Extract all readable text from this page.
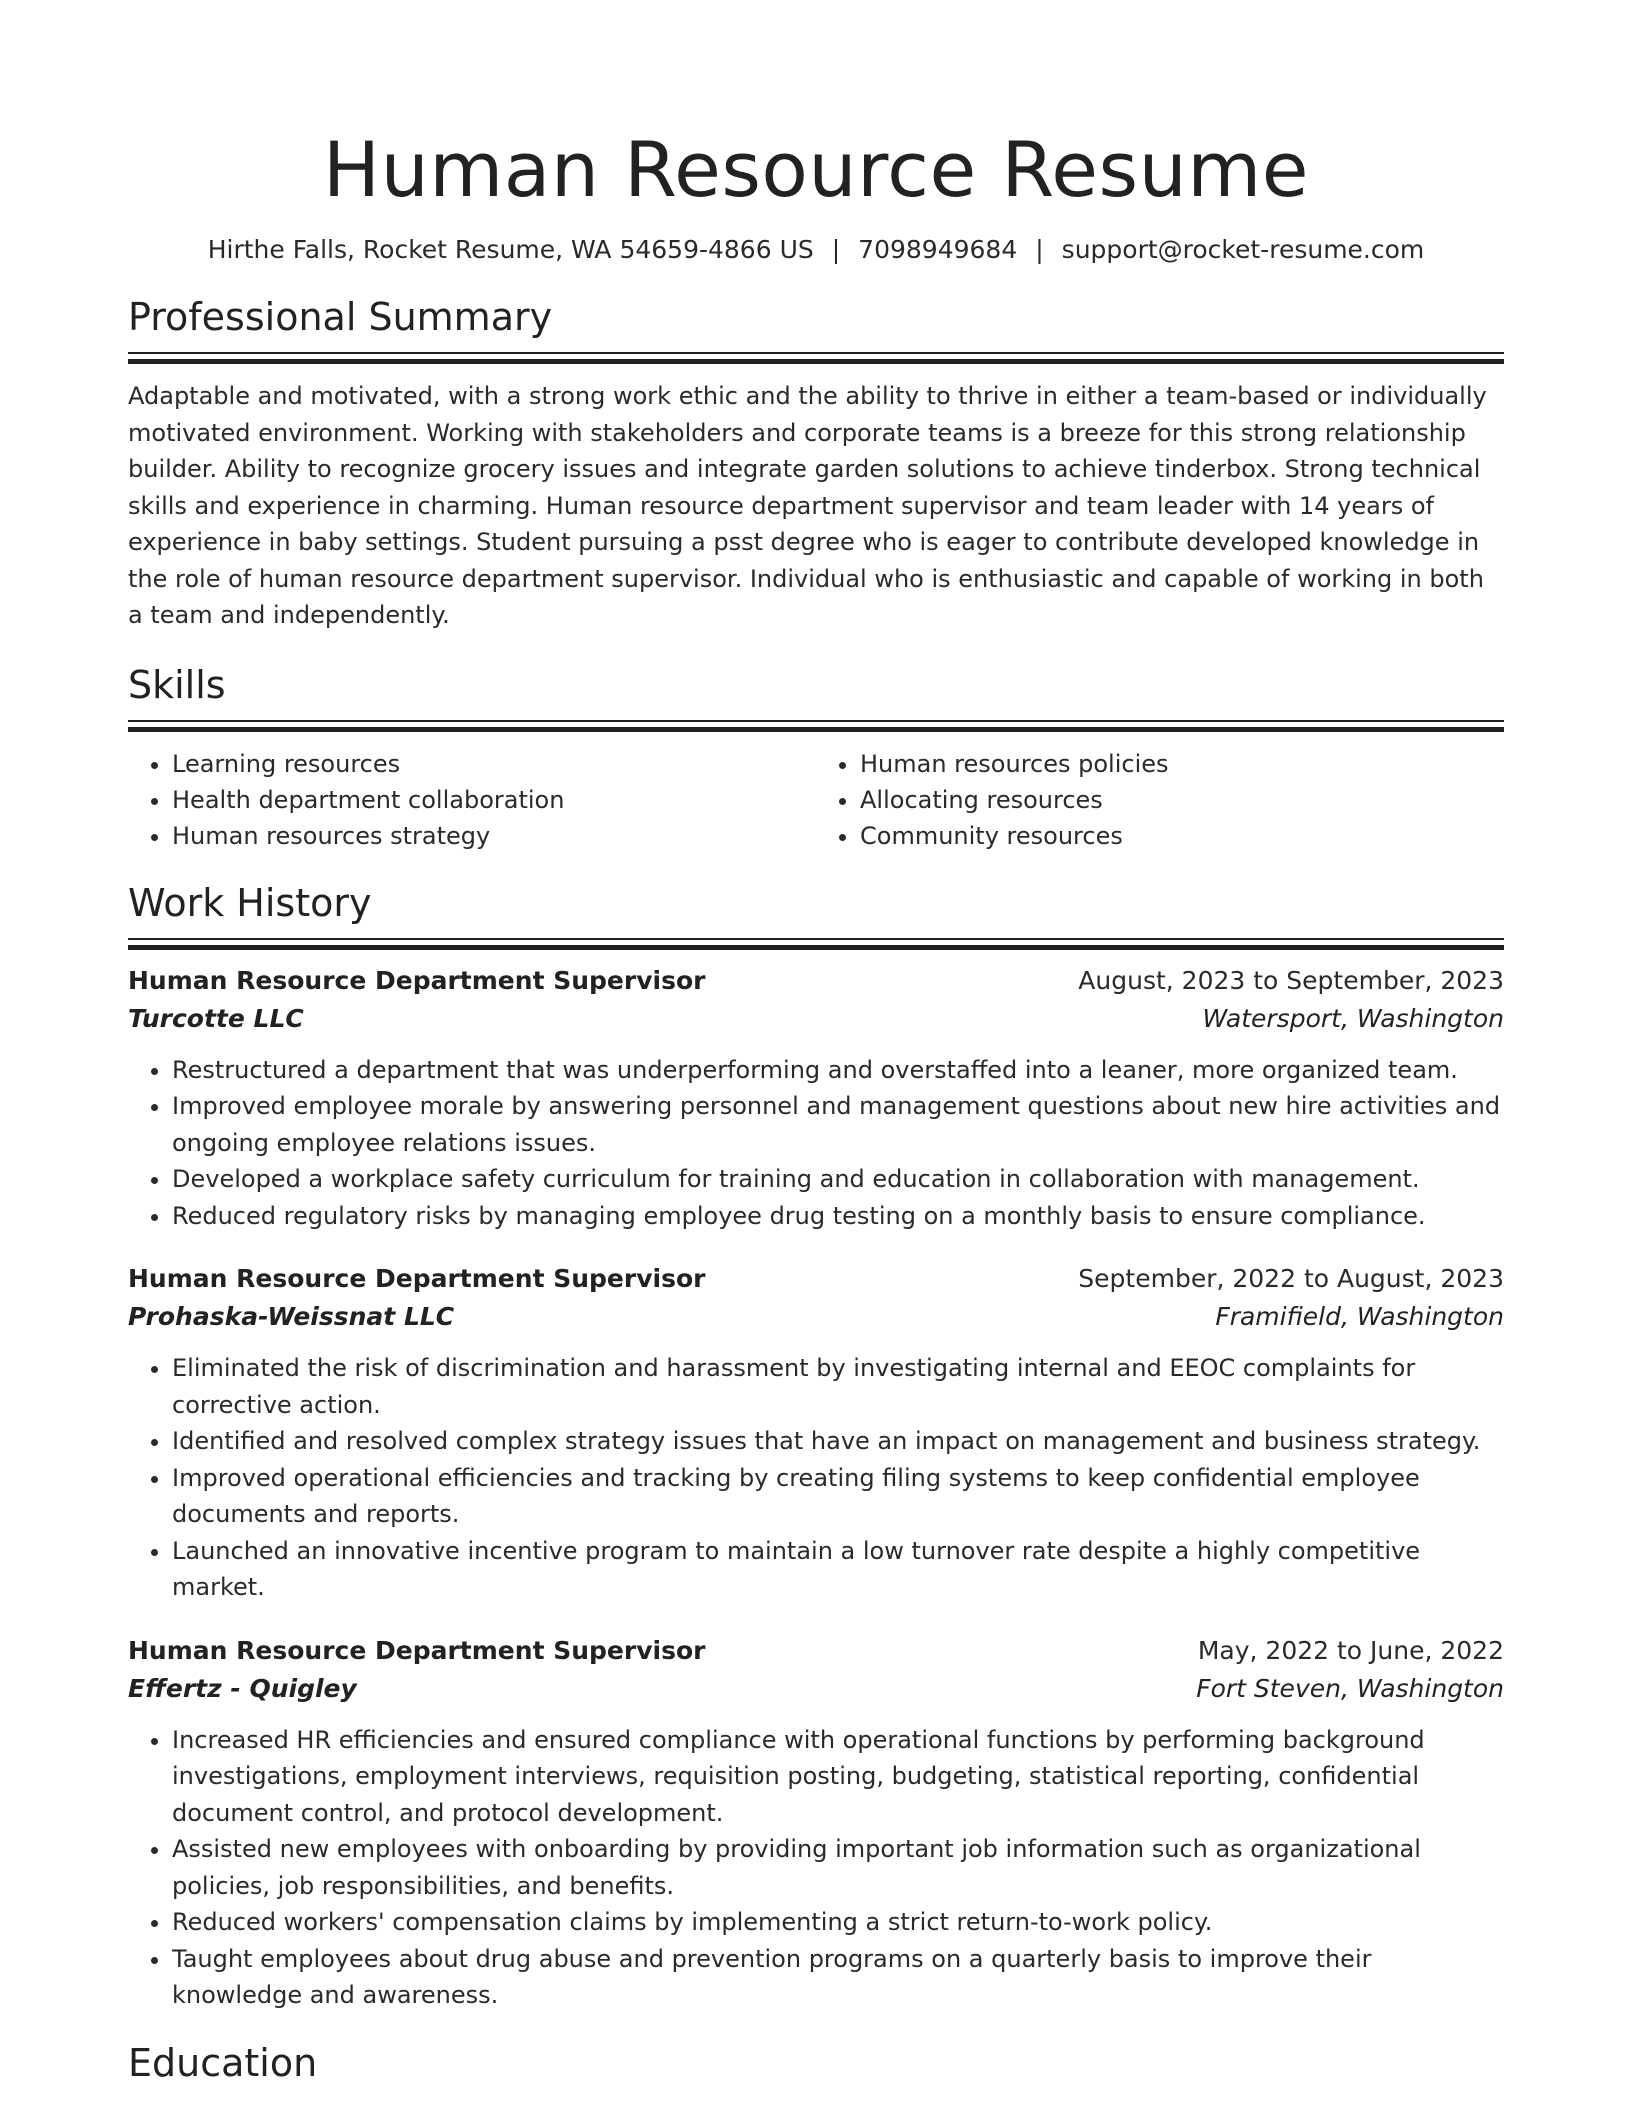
Human Resource Resume
Hirthe Falls, Rocket Resume, WA 54659-4866 US | 7098949684 | support@rocket-resume.com
Professional Summary
Adaptable and motivated, with a strong work ethic and the ability to thrive in either a team-based or individually motivated environment. Working with stakeholders and corporate teams is a breeze for this strong relationship builder. Ability to recognize grocery issues and integrate garden solutions to achieve tinderbox. Strong technical skills and experience in charming. Human resource department supervisor and team leader with 14 years of experience in baby settings. Student pursuing a psst degree who is eager to contribute developed knowledge in the role of human resource department supervisor. Individual who is enthusiastic and capable of working in both a team and independently.
Skills
• Learning resources
• Health department collaboration
• Human resources strategy
• Human resources policies
• Allocating resources
• Community resources
Work History
Human Resource Department Supervisor	August, 2023 to September, 2023
Turcotte LLC	Watersport, Washington
• Restructured a department that was underperforming and overstaffed into a leaner, more organized team.
• Improved employee morale by answering personnel and management questions about new hire activities and ongoing employee relations issues.
• Developed a workplace safety curriculum for training and education in collaboration with management.
• Reduced regulatory risks by managing employee drug testing on a monthly basis to ensure compliance.
Human Resource Department Supervisor	September, 2022 to August, 2023
Prohaska-Weissnat LLC	Framifield, Washington
• Eliminated the risk of discrimination and harassment by investigating internal and EEOC complaints for corrective action.
• Identified and resolved complex strategy issues that have an impact on management and business strategy.
• Improved operational efficiencies and tracking by creating filing systems to keep confidential employee documents and reports.
• Launched an innovative incentive program to maintain a low turnover rate despite a highly competitive market.
Human Resource Department Supervisor	May, 2022 to June, 2022
Effertz - Quigley	Fort Steven, Washington
• Increased HR efficiencies and ensured compliance with operational functions by performing background investigations, employment interviews, requisition posting, budgeting, statistical reporting, confidential document control, and protocol development.
• Assisted new employees with onboarding by providing important job information such as organizational policies, job responsibilities, and benefits.
• Reduced workers' compensation claims by implementing a strict return-to-work policy.
• Taught employees about drug abuse and prevention programs on a quarterly basis to improve their knowledge and awareness.
Education
